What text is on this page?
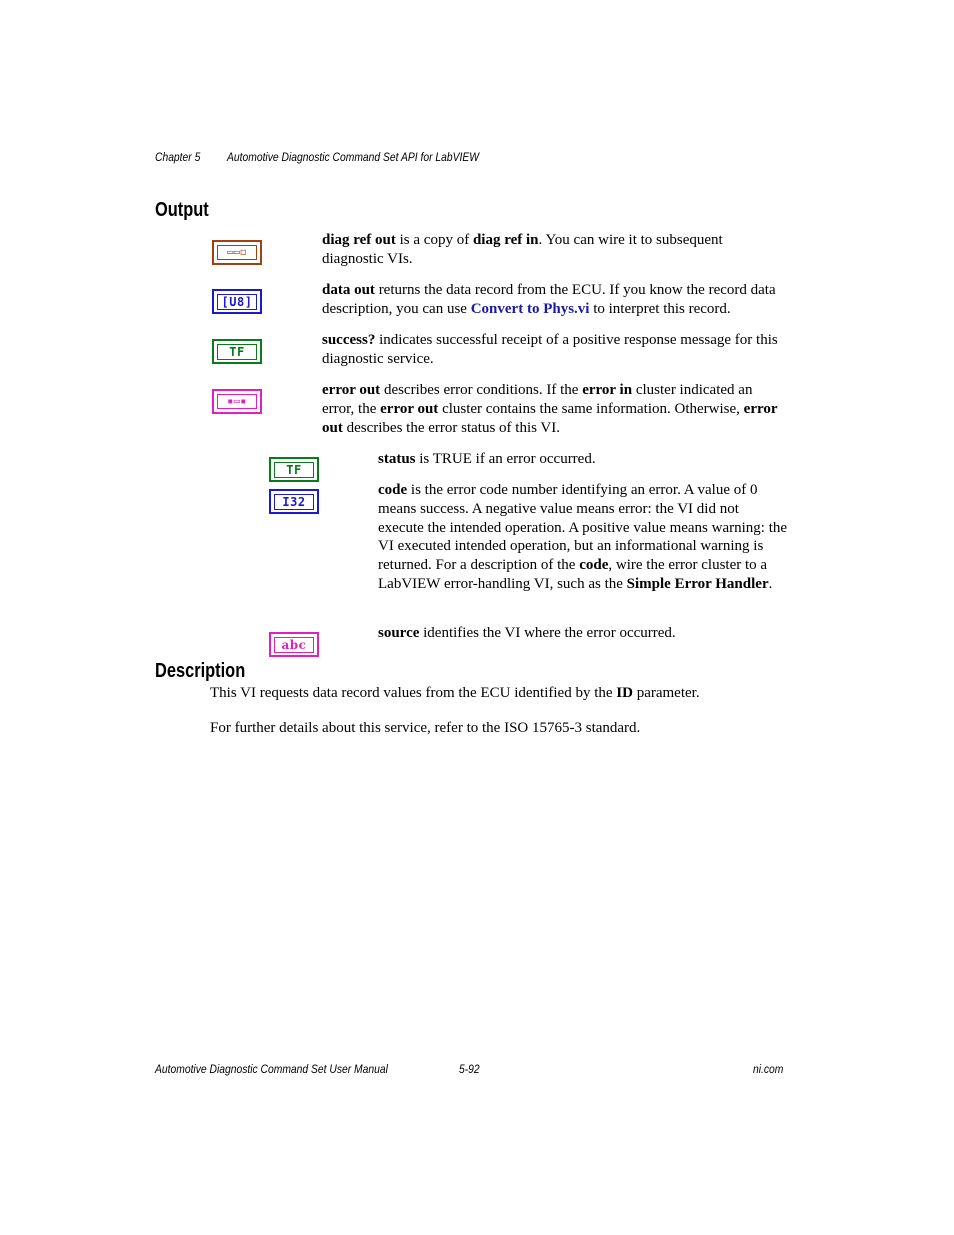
Chapter 5 Automotive Diagnostic Command Set API for LabVIEW
Output
▭▭◻
[U8]
TF
▪▭▪
TF
I32
abc
diag ref out is a copy of diag ref in. You can wire it to subsequent diagnostic VIs.
data out returns the data record from the ECU. If you know the record data description, you can use Convert to Phys.vi to interpret this record.
success? indicates successful receipt of a positive response message for this diagnostic service.
error out describes error conditions. If the error in cluster indicated an error, the error out cluster contains the same information. Otherwise, error out describes the error status of this VI.
status is TRUE if an error occurred.
code is the error code number identifying an error. A value of 0 means success. A negative value means error: the VI did not execute the intended operation. A positive value means warning: the VI executed intended operation, but an informational warning is returned. For a description of the code, wire the error cluster to a LabVIEW error-handling VI, such as the Simple Error Handler.
source identifies the VI where the error occurred.
Description
This VI requests data record values from the ECU identified by the ID parameter.
For further details about this service, refer to the ISO 15765-3 standard.
Automotive Diagnostic Command Set User Manual	5-92	ni.com
